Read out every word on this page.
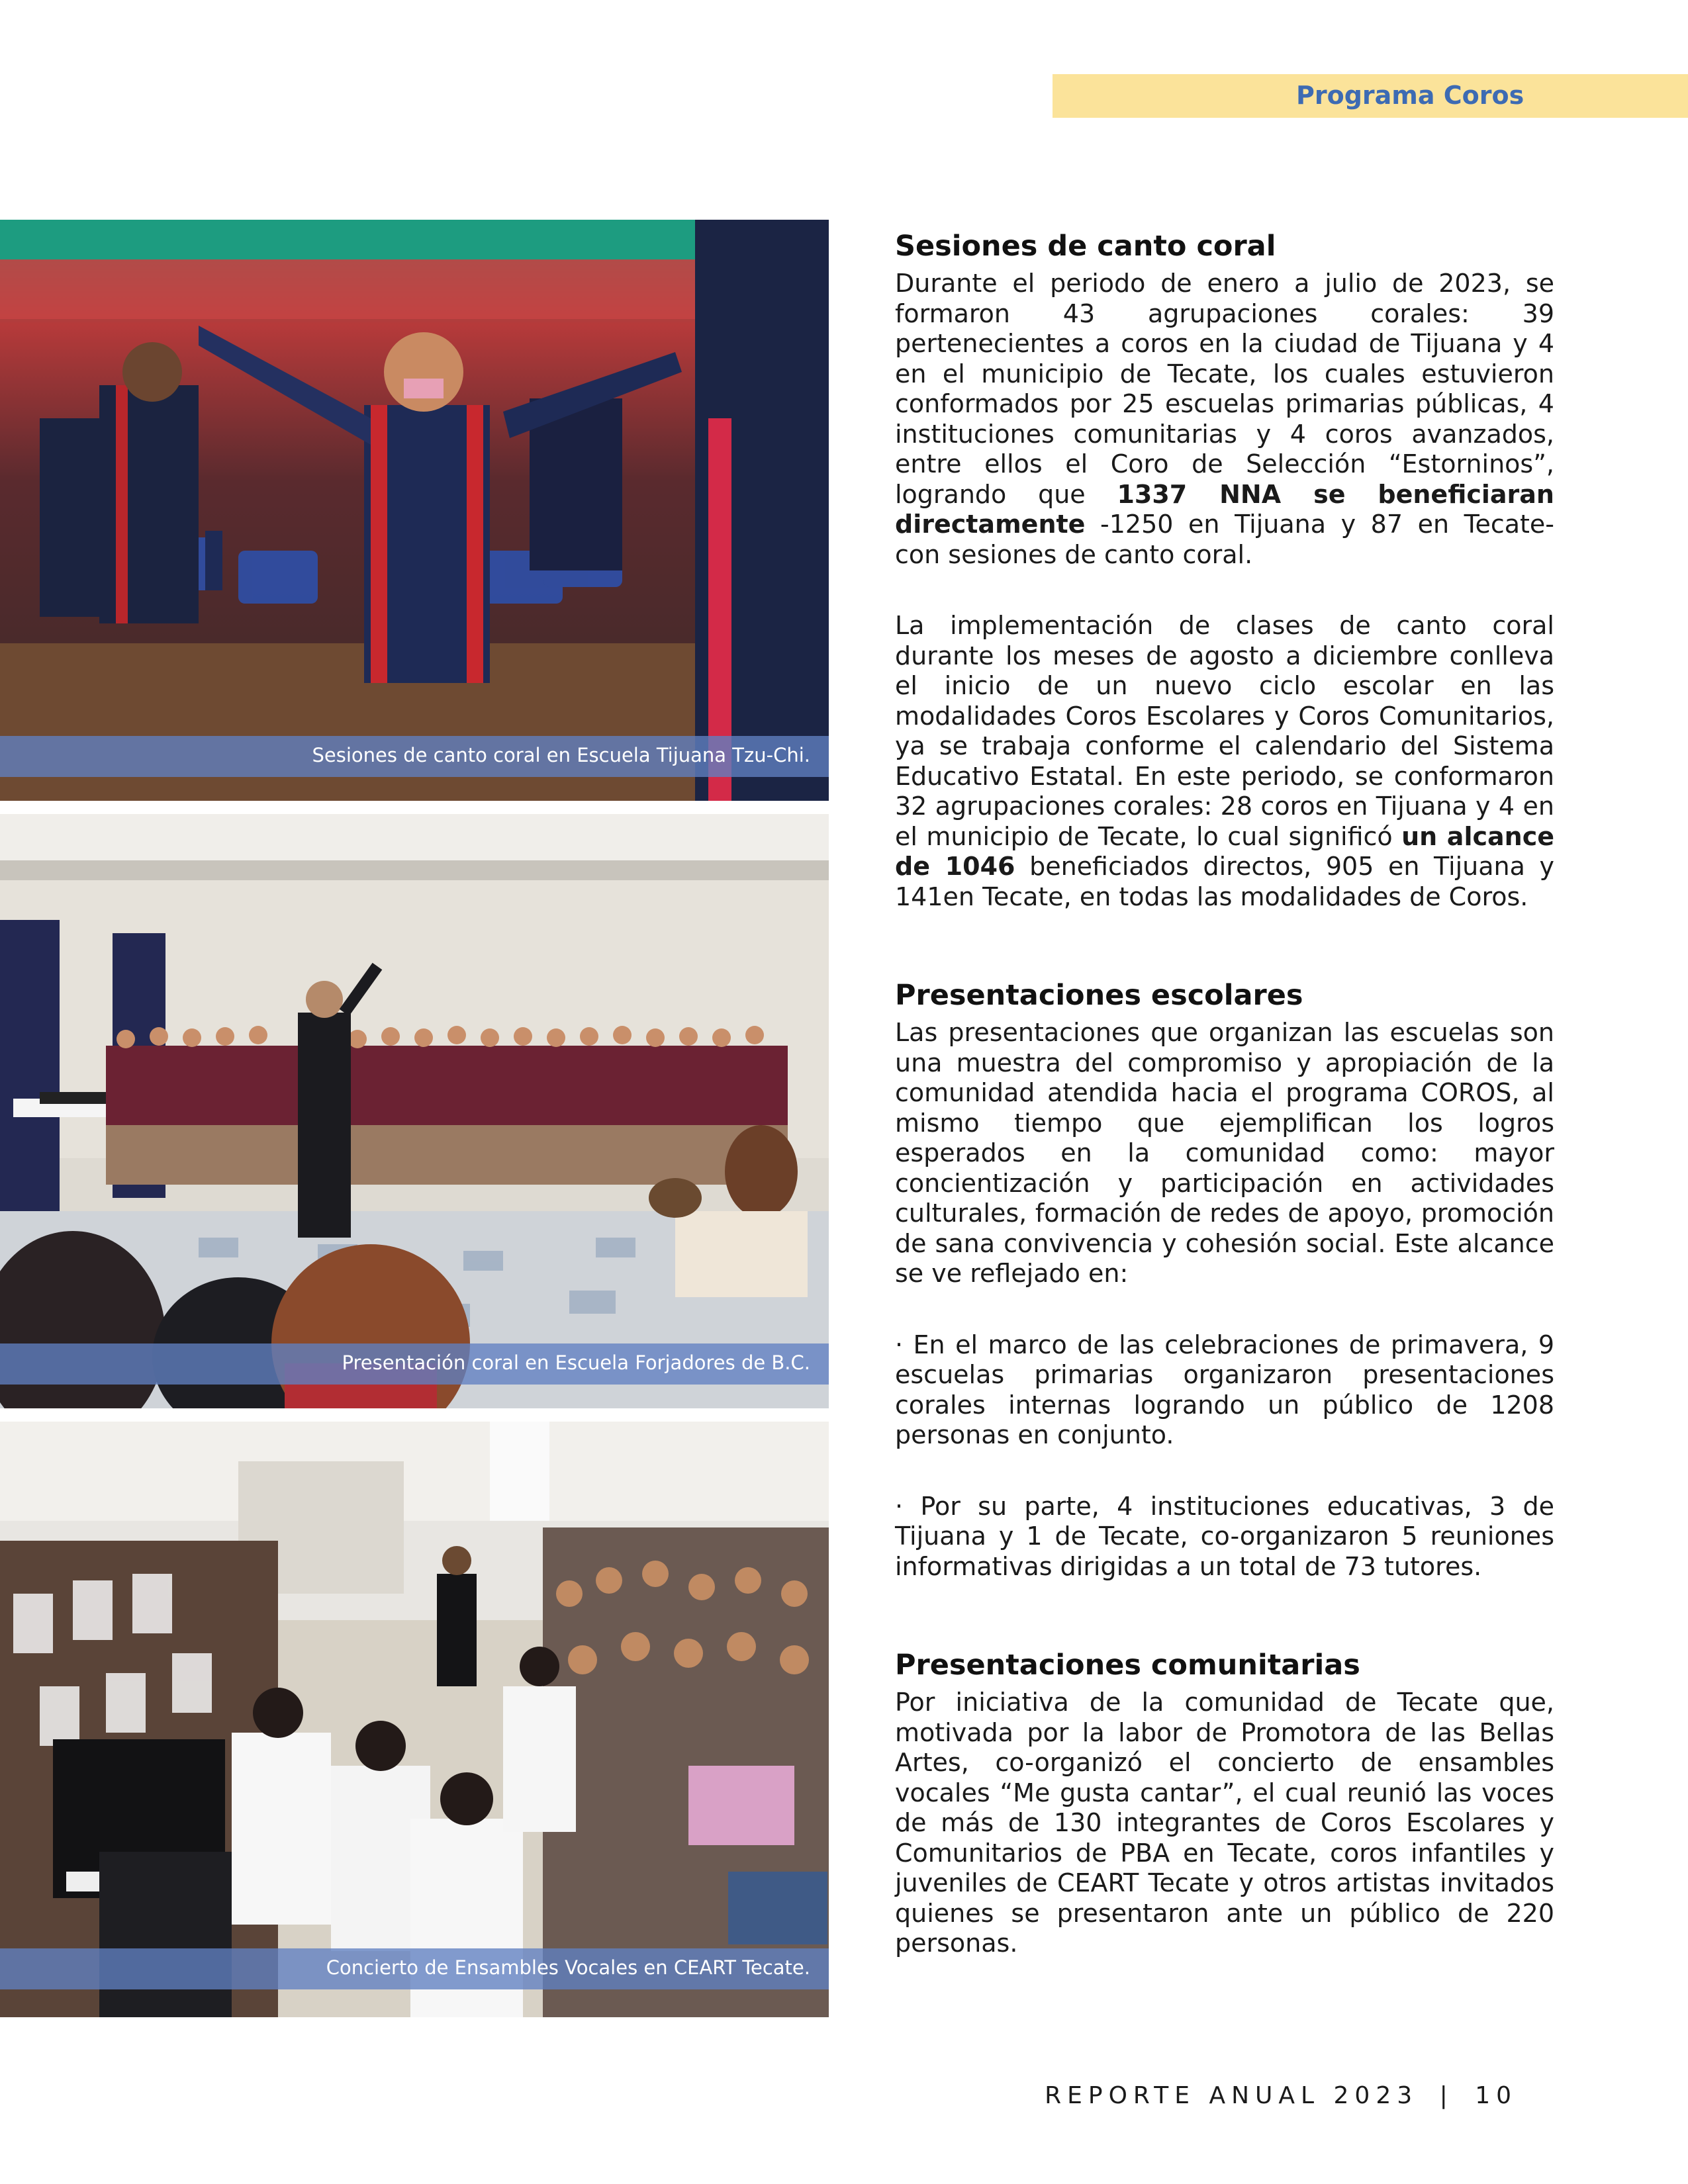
Programa Coros
Sesiones de canto coral en Escuela Tijuana Tzu-Chi.
Presentación coral en Escuela Forjadores de B.C.
Concierto de Ensambles Vocales en CEART Tecate.
Sesiones de canto coral

Durante el periodo de enero a julio de 2023, se formaron 43 agrupaciones corales: 39 pertenecientes a coros en la ciudad de Tijuana y 4 en el municipio de Tecate, los cuales estuvieron conformados por 25 escuelas primarias públicas, 4 instituciones comunitarias y 4 coros avanzados, entre ellos el Coro de Selección “Estorninos”, logrando que 1337 NNA se beneficiaran directamente -1250 en Tijuana y 87 en Tecate- con sesiones de canto coral.

La implementación de clases de canto coral durante los meses de agosto a diciembre conlleva el inicio de un nuevo ciclo escolar en las modalidades Coros Escolares y Coros Comunitarios, ya se trabaja conforme el calendario del Sistema Educativo Estatal. En este periodo, se conformaron 32 agrupaciones corales: 28 coros en Tijuana y 4 en el municipio de Tecate, lo cual significó un alcance de 1046 beneficiados directos, 905 en Tijuana y 141en Tecate, en todas las modalidades de Coros.

Presentaciones escolares

Las presentaciones que organizan las escuelas son una muestra del compromiso y apropiación de la comunidad atendida hacia el programa COROS, al mismo tiempo que ejemplifican los logros esperados en la comunidad como: mayor concientización y participación en actividades culturales, formación de redes de apoyo, promoción de sana convivencia y cohesión social. Este alcance se ve reflejado en:

· En el marco de las celebraciones de primavera, 9 escuelas primarias organizaron presentaciones corales internas logrando un público de 1208 personas en conjunto.

· Por su parte, 4 instituciones educativas, 3 de Tijuana y 1 de Tecate, co-organizaron 5 reuniones informativas dirigidas a un total de 73 tutores.

Presentaciones comunitarias

Por iniciativa de la comunidad de Tecate que, motivada por la labor de Promotora de las Bellas Artes, co-organizó el concierto de ensambles vocales “Me gusta cantar”, el cual reunió las voces de más de 130 integrantes de Coros Escolares y Comunitarios de PBA en Tecate, coros infantiles y juveniles de CEART Tecate y otros artistas invitados quienes se presentaron ante un público de 220 personas.

REPORTE ANUAL 2023 | 10
